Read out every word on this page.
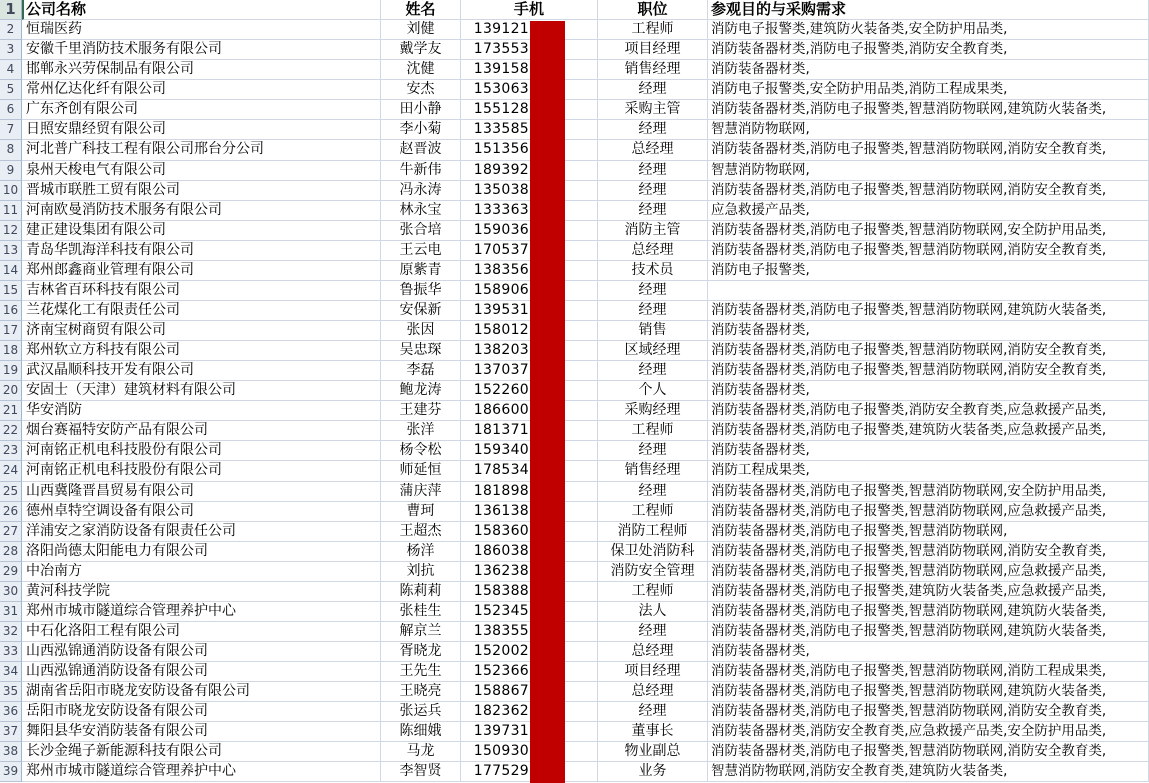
1 公司名称	姓名	手机	职位	参观目的与采购需求
2 恒瑞医药	刘健	139121	工程师	消防电子报警类,建筑防火装备类,安全防护用品类,
3 安徽千里消防技术服务有限公司	戴学友	173553	项目经理	消防装备器材类,消防电子报警类,消防安全教育类,
4 邯郸永兴劳保制品有限公司	沈健	139158	销售经理	消防装备器材类,
5 常州亿达化纤有限公司	安杰	153063	经理	消防电子报警类,安全防护用品类,消防工程成果类,
6 广东齐创有限公司	田小静	155128	采购主管	消防装备器材类,消防电子报警类,智慧消防物联网,建筑防火装备类,
7 日照安鼎经贸有限公司	李小菊	133585	经理	智慧消防物联网,
8 河北普广科技工程有限公司邢台分公司	赵晋波	151356	总经理	消防装备器材类,消防电子报警类,智慧消防物联网,消防安全教育类,
9 泉州天梭电气有限公司	牛新伟	189392	经理	智慧消防物联网,
10 晋城市联胜工贸有限公司	冯永涛	135038	经理	消防装备器材类,消防电子报警类,智慧消防物联网,消防安全教育类,
11 河南欧曼消防技术服务有限公司	林永宝	133363	经理	应急救援产品类,
12 建正建设集团有限公司	张合培	159036	消防主管	消防装备器材类,消防电子报警类,智慧消防物联网,安全防护用品类,
13 青岛华凯海洋科技有限公司	王云电	170537	总经理	消防装备器材类,消防电子报警类,智慧消防物联网,消防安全教育类,
14 郑州郎鑫商业管理有限公司	原紫青	138356	技术员	消防电子报警类,
15 吉林省百环科技有限公司	鲁振华	158906	经理
16 兰花煤化工有限责任公司	安保新	139531	经理	消防装备器材类,消防电子报警类,智慧消防物联网,建筑防火装备类,
17 济南宝树商贸有限公司	张因	158012	销售	消防装备器材类,
18 郑州软立方科技有限公司	吴忠琛	138203	区域经理	消防装备器材类,消防电子报警类,智慧消防物联网,消防安全教育类,
19 武汉晶顺科技开发有限公司	李磊	137037	经理	消防装备器材类,消防电子报警类,智慧消防物联网,消防安全教育类,
20 安固士（天津）建筑材料有限公司	鲍龙涛	152260	个人	消防装备器材类,
21 华安消防	王建芬	186600	采购经理	消防装备器材类,消防电子报警类,消防安全教育类,应急救援产品类,
22 烟台赛福特安防产品有限公司	张洋	181371	工程师	消防装备器材类,消防电子报警类,建筑防火装备类,应急救援产品类,
23 河南铭正机电科技股份有限公司	杨令松	159340	经理	消防装备器材类,
24 河南铭正机电科技股份有限公司	师延恒	178534	销售经理	消防工程成果类,
25 山西冀隆晋昌贸易有限公司	蒲庆萍	181898	经理	消防装备器材类,消防电子报警类,智慧消防物联网,安全防护用品类,
26 德州卓特空调设备有限公司	曹珂	136138	工程师	消防装备器材类,消防电子报警类,智慧消防物联网,应急救援产品类,
27 洋浦安之家消防设备有限责任公司	王超杰	158360	消防工程师	消防装备器材类,消防电子报警类,智慧消防物联网,
28 洛阳尚德太阳能电力有限公司	杨洋	186038	保卫处消防科	消防装备器材类,消防电子报警类,智慧消防物联网,消防安全教育类,
29 中冶南方	刘抗	136238	消防安全管理	消防装备器材类,消防电子报警类,智慧消防物联网,应急救援产品类,
30 黄河科技学院	陈莉莉	158388	工程师	消防装备器材类,消防电子报警类,建筑防火装备类,应急救援产品类,
31 郑州市城市隧道综合管理养护中心	张桂生	152345	法人	消防装备器材类,消防电子报警类,智慧消防物联网,建筑防火装备类,
32 中石化洛阳工程有限公司	解京兰	138355	经理	消防装备器材类,消防电子报警类,智慧消防物联网,建筑防火装备类,
33 山西泓锦通消防设备有限公司	胥晓龙	152002	总经理	消防装备器材类,
34 山西泓锦通消防设备有限公司	王先生	152366	项目经理	消防装备器材类,消防电子报警类,智慧消防物联网,消防工程成果类,
35 湖南省岳阳市晓龙安防设备有限公司	王晓亮	158867	总经理	消防装备器材类,消防电子报警类,智慧消防物联网,建筑防火装备类,
36 岳阳市晓龙安防设备有限公司	张运兵	182362	经理	消防装备器材类,消防电子报警类,智慧消防物联网,消防安全教育类,
37 舞阳县华安消防装备有限公司	陈细娥	139731	董事长	消防装备器材类,消防安全教育类,应急救援产品类,安全防护用品类,
38 长沙金绳子新能源科技有限公司	马龙	150930	物业副总	消防装备器材类,消防电子报警类,智慧消防物联网,消防安全教育类,
39 郑州市城市隧道综合管理养护中心	李智贤	177529	业务	智慧消防物联网,消防安全教育类,建筑防火装备类,
